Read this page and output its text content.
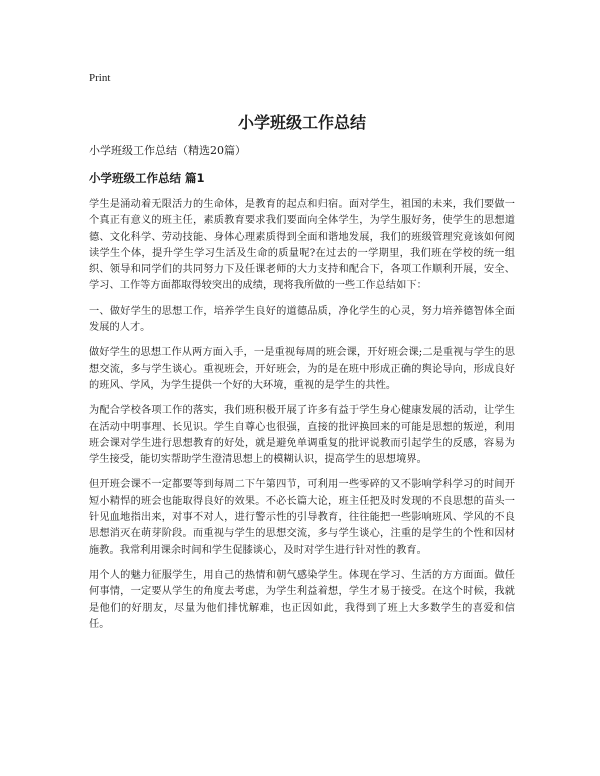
Print
小学班级工作总结

小学班级工作总结（精选20篇）

小学班级工作总结 篇1

学生是涌动着无限活力的生命体，是教育的起点和归宿。面对学生，祖国的未来，我们要做一个真正有意义的班主任，素质教育要求我们要面向全体学生，为学生服好务，使学生的思想道德、文化科学、劳动技能、身体心理素质得到全面和谐地发展，我们的班级管理究竟该如何阅读学生个体，提升学生学习生活及生命的质量呢?在过去的一学期里，我们班在学校的统一组织、领导和同学们的共同努力下及任课老师的大力支持和配合下，各项工作顺利开展，安全、学习、工作等方面都取得较突出的成绩，现将我所做的一些工作总结如下：

一、做好学生的思想工作，培养学生良好的道德品质，净化学生的心灵，努力培养德智体全面发展的人才。

做好学生的思想工作从两方面入手，一是重视每周的班会课，开好班会课;二是重视与学生的思想交流，多与学生谈心。重视班会，开好班会，为的是在班中形成正确的舆论导向，形成良好的班风、学风，为学生提供一个好的大环境，重视的是学生的共性。

为配合学校各项工作的落实，我们班积极开展了许多有益于学生身心健康发展的活动，让学生在活动中明事理、长见识。学生自尊心也很强，直接的批评换回来的可能是思想的叛逆，利用班会课对学生进行思想教育的好处，就是避免单调重复的批评说教而引起学生的反感，容易为学生接受，能切实帮助学生澄清思想上的模糊认识，提高学生的思想境界。

但开班会课不一定都要等到每周二下午第四节，可利用一些零碎的又不影响学科学习的时间开短小精悍的班会也能取得良好的效果。不必长篇大论，班主任把及时发现的不良思想的苗头一针见血地指出来，对事不对人，进行警示性的引导教育，往往能把一些影响班风、学风的不良思想消灭在萌芽阶段。而重视与学生的思想交流，多与学生谈心，注重的是学生的个性和因材施教。我常利用课余时间和学生促膝谈心，及时对学生进行针对性的教育。

用个人的魅力征服学生，用自己的热情和朝气感染学生。体现在学习、生活的方方面面。做任何事情，一定要从学生的角度去考虑，为学生利益着想，学生才易于接受。在这个时候，我就是他们的好朋友，尽量为他们排忧解难，也正因如此，我得到了班上大多数学生的喜爱和信任。
